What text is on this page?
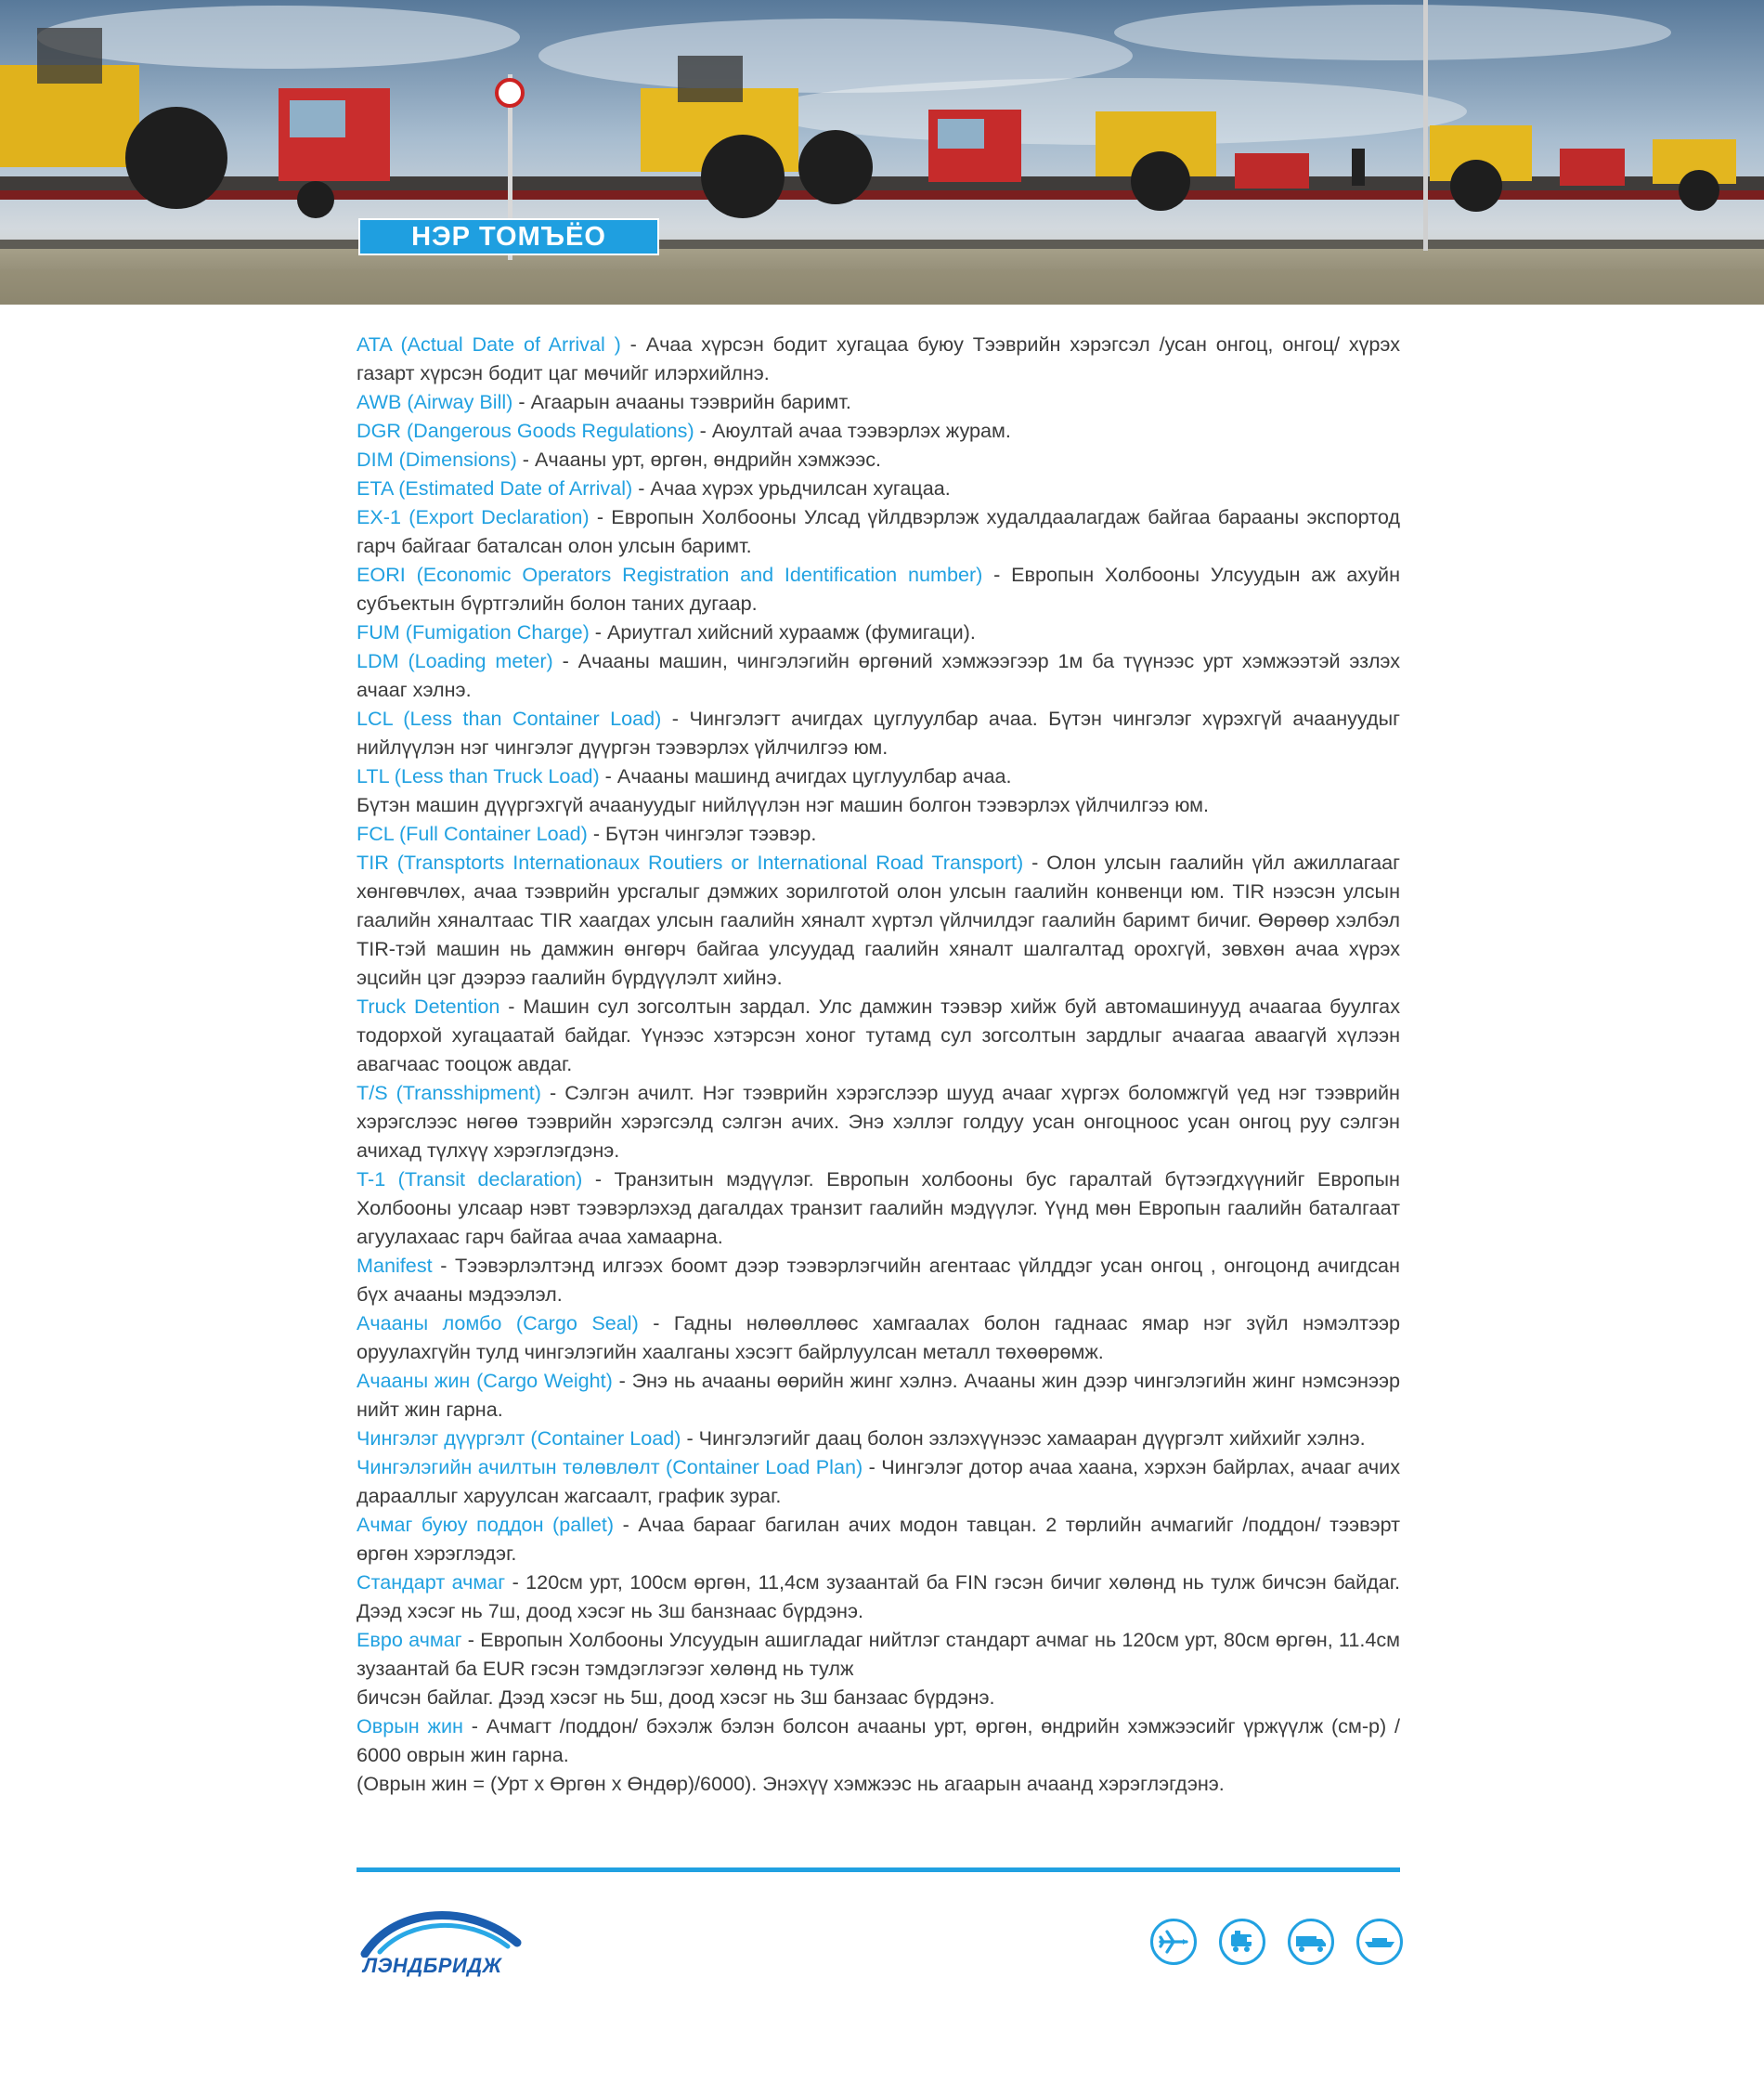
НЭР ТОМЪЁО

ATA (Actual Date of Arrival ) - Ачаа хүрсэн бодит хугацаа буюу Тээврийн хэрэгсэл /усан онгоц, онгоц/ хүрэх газарт хүрсэн бодит цаг мөчийг илэрхийлнэ.

AWB (Airway Bill) - Агаарын ачааны тээврийн баримт.

DGR (Dangerous Goods Regulations) - Аюултай ачаа тээвэрлэх журам.

DIM (Dimensions) - Ачааны урт, өргөн, өндрийн хэмжээс.

ETA (Estimated Date of Arrival) - Ачаа хүрэх урьдчилсан хугацаа.

EX-1 (Export Declaration) - Европын Холбооны Улсад үйлдвэрлэж худалдаалагдаж байгаа барааны экспортод гарч байгааг баталсан олон улсын баримт.

EORI (Economic Operators Registration and Identification number) - Европын Холбооны Улсуудын аж ахуйн субъектын бүртгэлийн болон таних дугаар.

FUM (Fumigation Charge) - Ариутгал хийсний хураамж (фумигаци).

LDM (Loading meter) - Ачааны машин, чингэлэгийн өргөний хэмжээгээр 1м ба түүнээс урт хэмжээтэй эзлэх ачааг хэлнэ.

LCL (Less than Container Load) - Чингэлэгт ачигдах цуглуулбар ачаа. Бүтэн чингэлэг хүрэхгүй ачаануудыг нийлүүлэн нэг чингэлэг дүүргэн тээвэрлэх үйлчилгээ юм.

LTL (Less than Truck Load) - Ачааны машинд ачигдах цуглуулбар ачаа.
Бүтэн машин дүүргэхгүй ачаануудыг нийлүүлэн нэг машин болгон тээвэрлэх үйлчилгээ юм.

FCL (Full Container Load) - Бүтэн чингэлэг тээвэр.

TIR (Transptorts Internationaux Routiers or International Road Transport) - Олон улсын гаалийн үйл ажиллагааг хөнгөвчлөх, ачаа тээврийн урсгалыг дэмжих зорилготой олон улсын гаалийн конвенци юм. TIR нээсэн улсын гаалийн хяналтаас TIR хаагдах улсын гаалийн хяналт хүртэл үйлчилдэг гаалийн баримт бичиг. Өөрөөр хэлбэл TIR-тэй машин нь дамжин өнгөрч байгаа улсуудад гаалийн хяналт шалгалтад орохгүй, зөвхөн ачаа хүрэх эцсийн цэг дээрээ гаалийн бүрдүүлэлт хийнэ.

Truck Detention - Машин сул зогсолтын зардал. Улс дамжин тээвэр хийж буй автомашинууд ачаагаа буулгах тодорхой хугацаатай байдаг. Үүнээс хэтэрсэн хоног тутамд сул зогсолтын зардлыг ачаагаа аваагүй хүлээн авагчаас тооцож авдаг.

T/S (Transshipment) - Сэлгэн ачилт. Нэг тээврийн хэрэгслээр шууд ачааг хүргэх боломжгүй үед нэг тээврийн хэрэгслээс нөгөө тээврийн хэрэгсэлд сэлгэн ачих. Энэ хэллэг голдуу усан онгоцноос усан онгоц руу сэлгэн ачихад түлхүү хэрэглэгдэнэ.

T-1 (Transit declaration) - Транзитын мэдүүлэг. Европын холбооны бус гаралтай бүтээгдхүүнийг Европын Холбооны улсаар нэвт тээвэрлэхэд дагалдах транзит гаалийн мэдүүлэг. Үүнд мөн Европын гаалийн баталгаат агуулахаас гарч байгаа ачаа хамаарна.

Manifest - Тээвэрлэлтэнд илгээх боомт дээр тээвэрлэгчийн агентаас үйлддэг усан онгоц , онгоцонд ачигдсан бүх ачааны мэдээлэл.

Ачааны ломбо (Cargo Seal) - Гадны нөлөөллөөс хамгаалах болон гаднаас ямар нэг зүйл нэмэлтээр оруулахгүйн тулд чингэлэгийн хаалганы хэсэгт байрлуулсан металл төхөөрөмж.

Ачааны жин (Cargo Weight) - Энэ нь ачааны өөрийн жинг хэлнэ. Ачааны жин дээр чингэлэгийн жинг нэмсэнээр нийт жин гарна.

Чингэлэг дүүргэлт (Container Load) - Чингэлэгийг даац болон эзлэхүүнээс хамааран дүүргэлт хийхийг хэлнэ.

Чингэлэгийн ачилтын төлөвлөлт (Container Load Plan) - Чингэлэг дотор ачаа хаана, хэрхэн байрлах, ачааг ачих дарааллыг харуулсан жагсаалт, график зураг.

Ачмаг буюу поддон (pallet) - Ачаа барааг багилан ачих модон тавцан. 2 төрлийн ачмагийг /поддон/ тээвэрт өргөн хэрэглэдэг.

Стандарт ачмаг - 120см урт, 100см өргөн, 11,4см зузаантай ба FIN гэсэн бичиг хөлөнд нь тулж бичсэн байдаг. Дээд хэсэг нь 7ш, доод хэсэг нь 3ш банзнаас бүрдэнэ.

Евро ачмаг - Европын Холбооны Улсуудын ашигладаг нийтлэг стандарт ачмаг нь 120см урт, 80см өргөн, 11.4см зузаантай ба EUR гэсэн тэмдэглэгээг хөлөнд нь тулж
бичсэн байлаг. Дээд хэсэг нь 5ш, доод хэсэг нь 3ш банзаас бүрдэнэ.

Оврын жин - Ачмагт /поддон/ бэхэлж бэлэн болсон ачааны урт, өргөн, өндрийн хэмжээсийг үржүүлж (см-р) / 6000 оврын жин гарна.
(Оврын жин = (Урт х Өргөн х Өндөр)/6000). Энэхүү хэмжээс нь агаарын ачаанд хэрэглэгдэнэ.

ЛЭНДБРИДЖ
